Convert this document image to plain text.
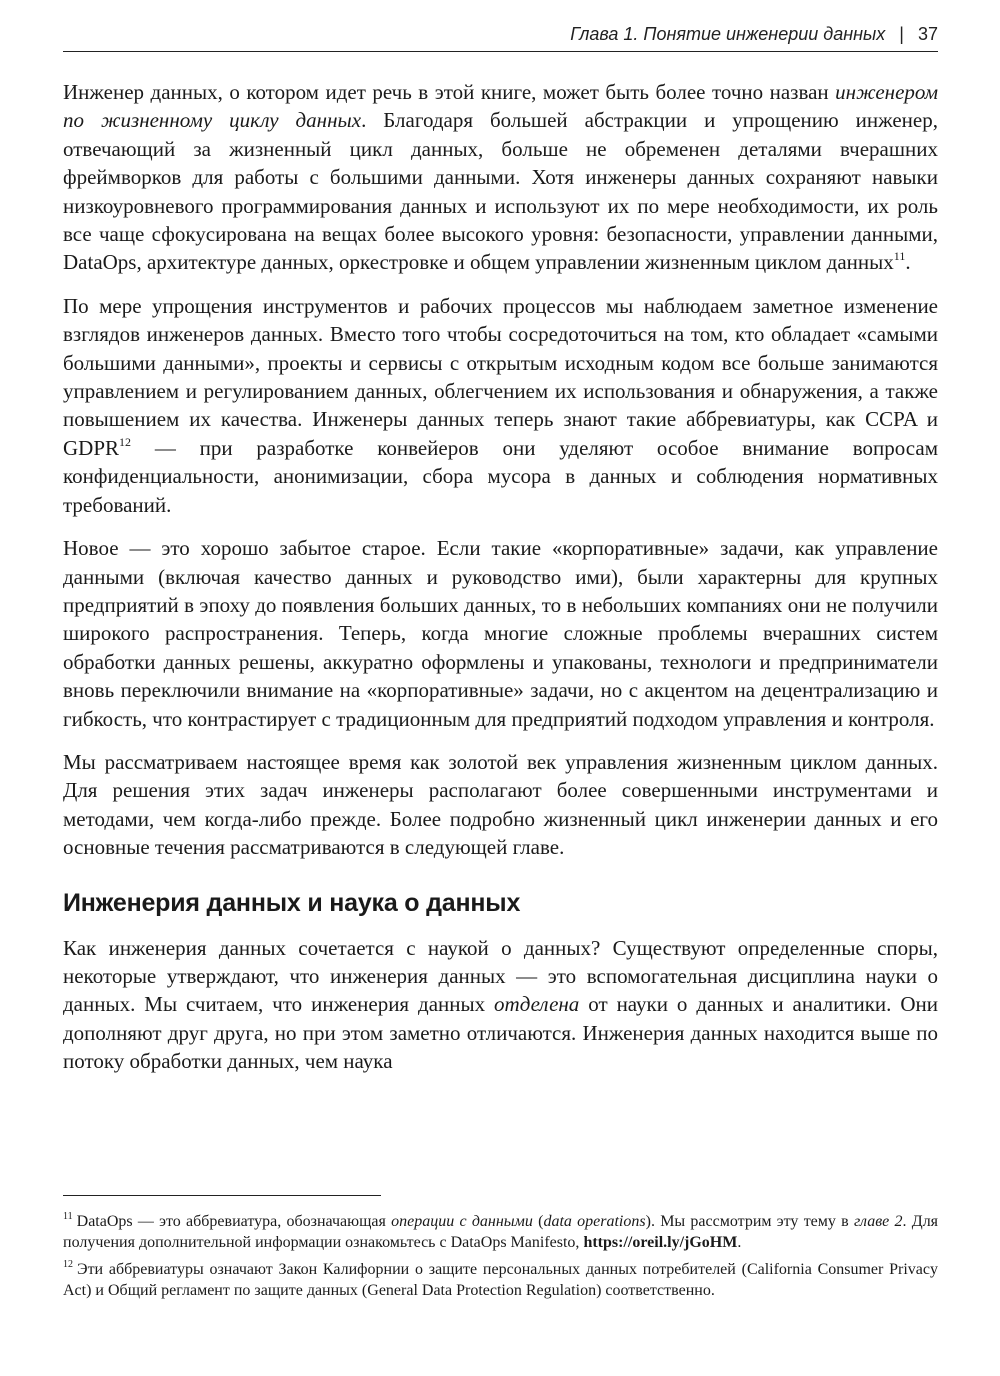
Глава 1. Понятие инженерии данных | 37

Инженер данных, о котором идет речь в этой книге, может быть более точно назван инженером по жизненному циклу данных. Благодаря большей абстракции и упрощению инженер, отвечающий за жизненный цикл данных, больше не обременен деталями вчерашних фреймворков для работы с большими данными. Хотя инженеры данных сохраняют навыки низкоуровневого программирования данных и используют их по мере необходимости, их роль все чаще сфокусирована на вещах более высокого уровня: безопасности, управлении данными, DataOps, архитектуре данных, оркестровке и общем управлении жизненным циклом данных$^{11}$.

По мере упрощения инструментов и рабочих процессов мы наблюдаем заметное изменение взглядов инженеров данных. Вместо того чтобы сосредоточиться на том, кто обладает «самыми большими данными», проекты и сервисы с открытым исходным кодом все больше занимаются управлением и регулированием данных, облегчением их использования и обнаружения, а также повышением их качества. Инженеры данных теперь знают такие аббревиатуры, как CCPA и GDPR$^{12}$ — при разработке конвейеров они уделяют особое внимание вопросам конфиденциальности, анонимизации, сбора мусора в данных и соблюдения нормативных требований.

Новое — это хорошо забытое старое. Если такие «корпоративные» задачи, как управление данными (включая качество данных и руководство ими), были характерны для крупных предприятий в эпоху до появления больших данных, то в небольших компаниях они не получили широкого распространения. Теперь, когда многие сложные проблемы вчерашних систем обработки данных решены, аккуратно оформлены и упакованы, технологи и предприниматели вновь переключили внимание на «корпоративные» задачи, но с акцентом на децентрализацию и гибкость, что контрастирует с традиционным для предприятий подходом управления и контроля.

Мы рассматриваем настоящее время как золотой век управления жизненным циклом данных. Для решения этих задач инженеры располагают более совершенными инструментами и методами, чем когда-либо прежде. Более подробно жизненный цикл инженерии данных и его основные течения рассматриваются в следующей главе.

Инженерия данных и наука о данных

Как инженерия данных сочетается с наукой о данных? Существуют определенные споры, некоторые утверждают, что инженерия данных — это вспомогательная дисциплина науки о данных. Мы считаем, что инженерия данных отделена от науки о данных и аналитики. Они дополняют друг друга, но при этом заметно отличаются. Инженерия данных находится выше по потоку обработки данных, чем наука

$^{11}$ DataOps — это аббревиатура, обозначающая операции с данными (data operations). Мы рассмотрим эту тему в главе 2. Для получения дополнительной информации ознакомьтесь с DataOps Manifesto, https://oreil.ly/jGoHM.

$^{12}$ Эти аббревиатуры означают Закон Калифорнии о защите персональных данных потребителей (California Consumer Privacy Act) и Общий регламент по защите данных (General Data Protection Regulation) соответственно.
